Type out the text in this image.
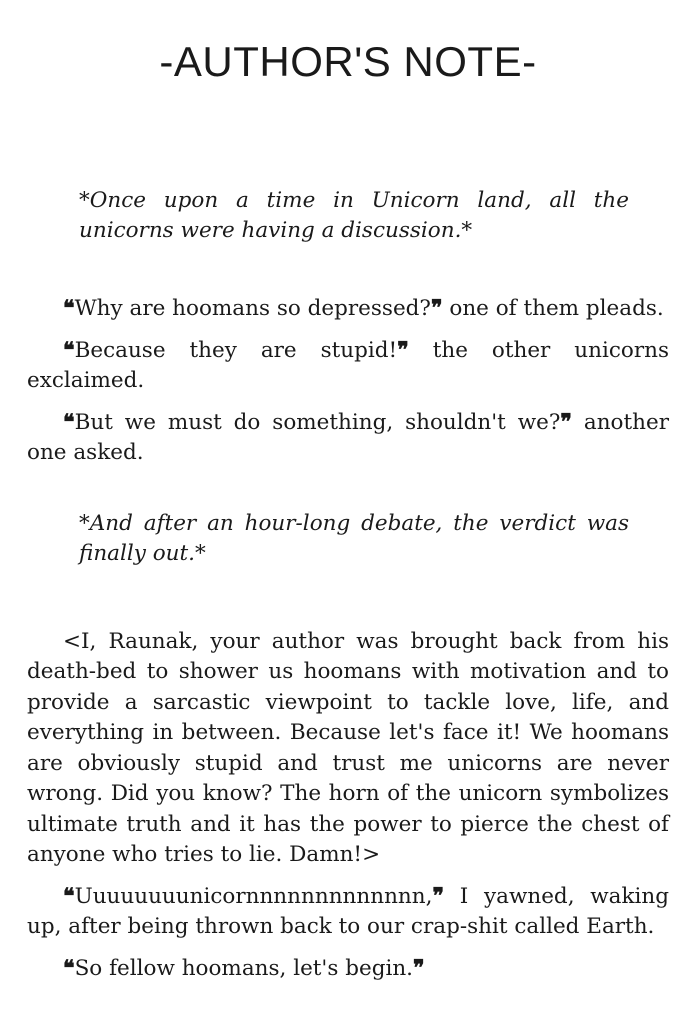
-AUTHOR'S NOTE-

*Once upon a time in Unicorn land, all the unicorns were having a discussion.*

❝Why are hoomans so depressed?❞ one of them pleads.

❝Because they are stupid!❞ the other unicorns exclaimed.

❝But we must do something, shouldn't we?❞ another one asked.

*And after an hour-long debate, the verdict was finally out.*

<I, Raunak, your author was brought back from his death-bed to shower us hoomans with motivation and to provide a sarcastic viewpoint to tackle love, life, and everything in between. Because let's face it! We hoomans are obviously stupid and trust me unicorns are never wrong. Did you know? The horn of the unicorn symbolizes ultimate truth and it has the power to pierce the chest of anyone who tries to lie. Damn!>

❝Uuuuuuuunicornnnnnnnnnnnnn,❞ I yawned, waking up, after being thrown back to our crap-shit called Earth.

❝So fellow hoomans, let's begin.❞
